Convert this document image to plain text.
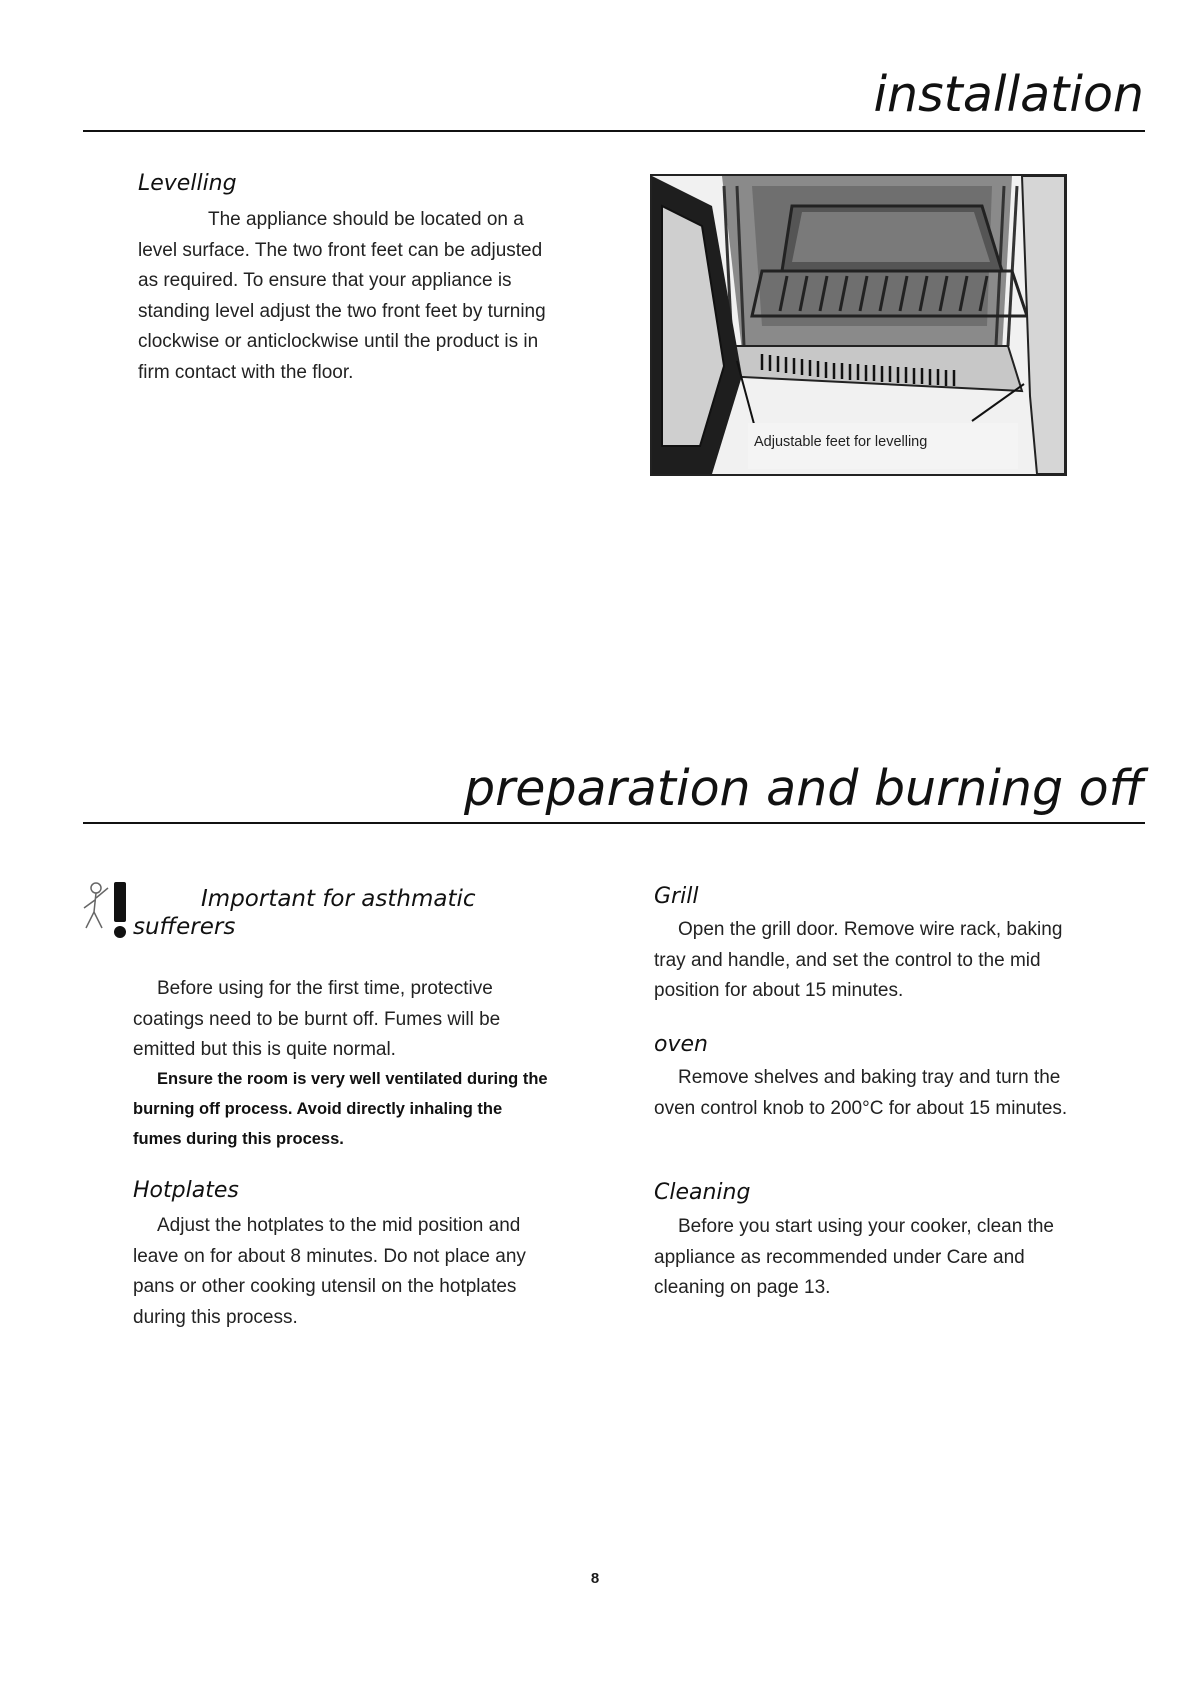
installation
Levelling

The appliance should be located on a level surface. The two front feet can be adjusted as required. To ensure that your appliance is standing level adjust the two front feet by turning clockwise or anticlockwise until the product is in firm contact with the floor.

Adjustable feet for levelling
preparation and burning off
Important for asthmatic
sufferers

Before using for the first time, protective coatings need to be burnt off. Fumes will be emitted but this is quite normal.

Ensure the room is very well ventilated during the burning off process. Avoid directly inhaling the fumes during this process.

Hotplates

Adjust the hotplates to the mid position and leave on for about 8 minutes. Do not place any pans or other cooking utensil on the hotplates during this process.

Grill

Open the grill door. Remove wire rack, baking tray and handle, and set the control to the mid position for about 15 minutes.

oven

Remove shelves and baking tray and turn the oven control knob to 200°C for about 15 minutes.

Cleaning

Before you start using your cooker, clean the appliance as recommended under Care and cleaning on page 13.

8
